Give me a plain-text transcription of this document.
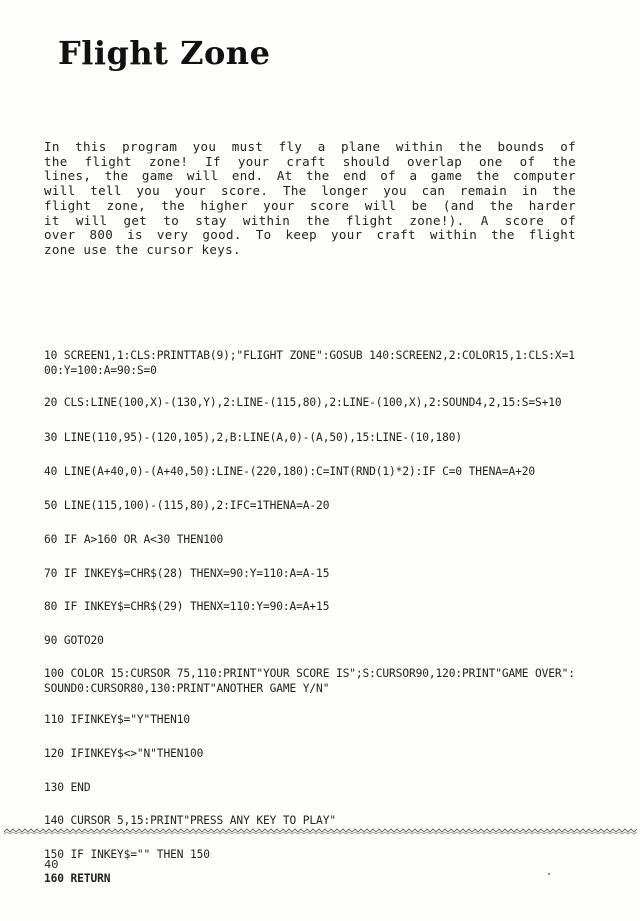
Flight Zone
In this program you must fly a plane within the bounds of
the flight zone! If your craft should overlap one of the
lines, the game will end. At the end of a game the computer
will tell you your score. The longer you can remain in the
flight zone, the higher your score will be (and the harder
it will get to stay within the flight zone!). A score of
over 800 is very good. To keep your craft within the flight
zone use the cursor keys.
10 SCREEN1,1:CLS:PRINTTAB(9);"FLIGHT ZONE":GOSUB 140:SCREEN2,2:COLOR15,1:CLS:X=1
00:Y=100:A=90:S=0
20 CLS:LINE(100,X)-(130,Y),2:LINE-(115,80),2:LINE-(100,X),2:SOUND4,2,15:S=S+10
30 LINE(110,95)-(120,105),2,B:LINE(A,0)-(A,50),15:LINE-(10,180)
40 LINE(A+40,0)-(A+40,50):LINE-(220,180):C=INT(RND(1)*2):IF C=0 THENA=A+20
50 LINE(115,100)-(115,80),2:IFC=1THENA=A-20
60 IF A>160 OR A<30 THEN100
70 IF INKEY$=CHR$(28) THENX=90:Y=110:A=A-15
80 IF INKEY$=CHR$(29) THENX=110:Y=90:A=A+15
90 GOTO20
100 COLOR 15:CURSOR 75,110:PRINT"YOUR SCORE IS";S:CURSOR90,120:PRINT"GAME OVER":
SOUND0:CURSOR80,130:PRINT"ANOTHER GAME Y/N"
110 IFINKEY$="Y"THEN10
120 IFINKEY$<>"N"THEN100
130 END
140 CURSOR 5,15:PRINT"PRESS ANY KEY TO PLAY"
150 IF INKEY$="" THEN 150
160 RETURN
40
